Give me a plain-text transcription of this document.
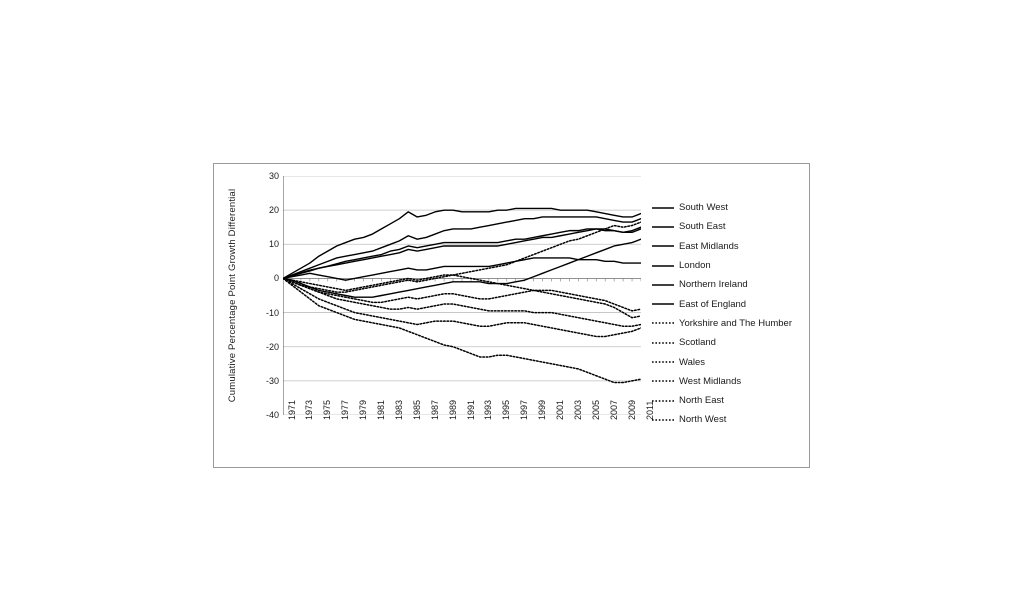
Cumulative Percentage Point Growth Differential
30
20
10
0
-10
-20
-30
-40 1971 1973 1975 1977 1979 1981 1983 1985 1987 1989 1991 1993 1995 1997 1999 2001 2003 2005 2007 2009 2011
South West
South East
East Midlands
London
Northern Ireland
East of England
Yorkshire and The Humber
Scotland
Wales
West Midlands
North East
North West
